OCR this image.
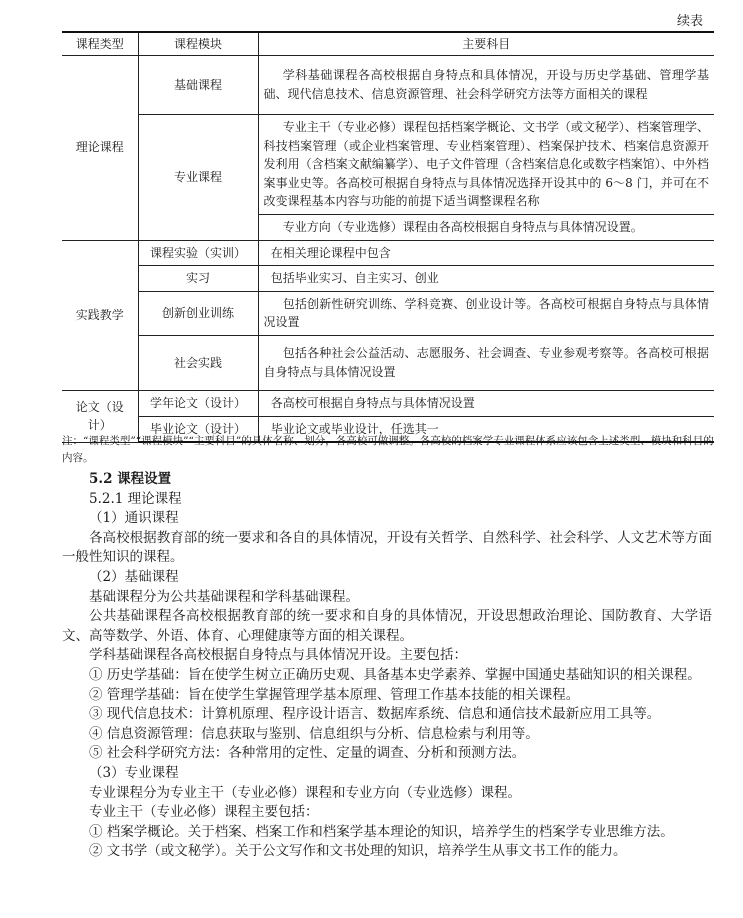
续表
课程类型	课程模块	主要科目
理论课程	基础课程	学科基础课程各高校根据自身特点和具体情况，开设与历史学基础、管理学基础、现代信息技术、信息资源管理、社会科学研究方法等方面相关的课程
	专业课程	专业主干（专业必修）课程包括档案学概论、文书学（或文秘学）、档案管理学、科技档案管理（或企业档案管理、专业档案管理）、档案保护技术、档案信息资源开发利用（含档案文献编纂学）、电子文件管理（含档案信息化或数字档案馆）、中外档案事业史等。各高校可根据自身特点与具体情况选择开设其中的 6～8 门，并可在不改变课程基本内容与功能的前提下适当调整课程名称
		专业方向（专业选修）课程由各高校根据自身特点与具体情况设置。
实践教学	课程实验（实训）	在相关理论课程中包含
	实习	包括毕业实习、自主实习、创业
	创新创业训练	包括创新性研究训练、学科竞赛、创业设计等。各高校可根据自身特点与具体情况设置
	社会实践	包括各种社会公益活动、志愿服务、社会调查、专业参观考察等。各高校可根据自身特点与具体情况设置
论文（设计）	学年论文（设计）	各高校可根据自身特点与具体情况设置
	毕业论文（设计）	毕业论文或毕业设计，任选其一
注：“课程类型”“课程模块”“主要科目”的具体名称、划分，各高校可做调整。各高校的档案学专业课程体系应该包含上述类型、模块和科目的内容。

5.2 课程设置

5.2.1 理论课程

（1）通识课程

各高校根据教育部的统一要求和各自的具体情况，开设有关哲学、自然科学、社会科学、人文艺术等方面一般性知识的课程。

（2）基础课程

基础课程分为公共基础课程和学科基础课程。

公共基础课程各高校根据教育部的统一要求和自身的具体情况，开设思想政治理论、国防教育、大学语文、高等数学、外语、体育、心理健康等方面的相关课程。

学科基础课程各高校根据自身特点与具体情况开设。主要包括：

① 历史学基础：旨在使学生树立正确历史观、具备基本史学素养、掌握中国通史基础知识的相关课程。

② 管理学基础：旨在使学生掌握管理学基本原理、管理工作基本技能的相关课程。

③ 现代信息技术：计算机原理、程序设计语言、数据库系统、信息和通信技术最新应用工具等。

④ 信息资源管理：信息获取与鉴别、信息组织与分析、信息检索与利用等。

⑤ 社会科学研究方法：各种常用的定性、定量的调查、分析和预测方法。

（3）专业课程

专业课程分为专业主干（专业必修）课程和专业方向（专业选修）课程。

专业主干（专业必修）课程主要包括：

① 档案学概论。关于档案、档案工作和档案学基本理论的知识，培养学生的档案学专业思维方法。

② 文书学（或文秘学）。关于公文写作和文书处理的知识，培养学生从事文书工作的能力。
